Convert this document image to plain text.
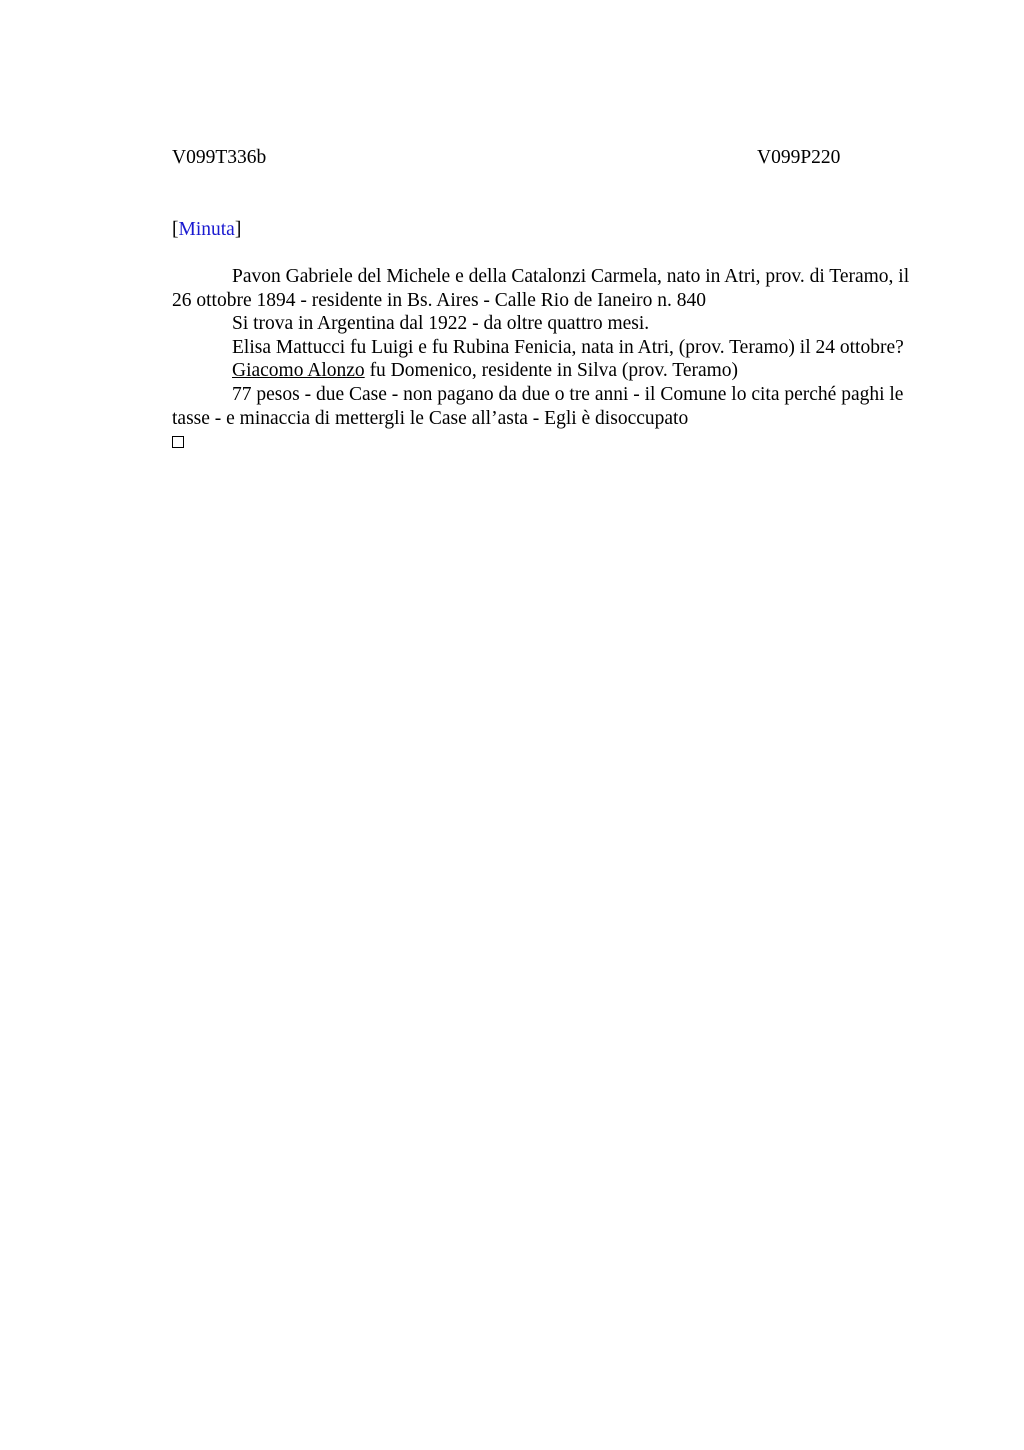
V099T336b	V099P220
[Minuta]

Pavon Gabriele del Michele e della Catalonzi Carmela, nato in Atri, prov. di Teramo, il 26 ottobre 1894 - residente in Bs. Aires - Calle Rio de Ianeiro n. 840

Si trova in Argentina dal 1922 - da oltre quattro mesi.

Elisa Mattucci fu Luigi e fu Rubina Fenicia, nata in Atri, (prov. Teramo) il 24 ottobre?

Giacomo Alonzo fu Domenico, residente in Silva (prov. Teramo)

77 pesos - due Case - non pagano da due o tre anni - il Comune lo cita perché paghi le tasse - e minaccia di mettergli le Case all’asta - Egli è disoccupato
